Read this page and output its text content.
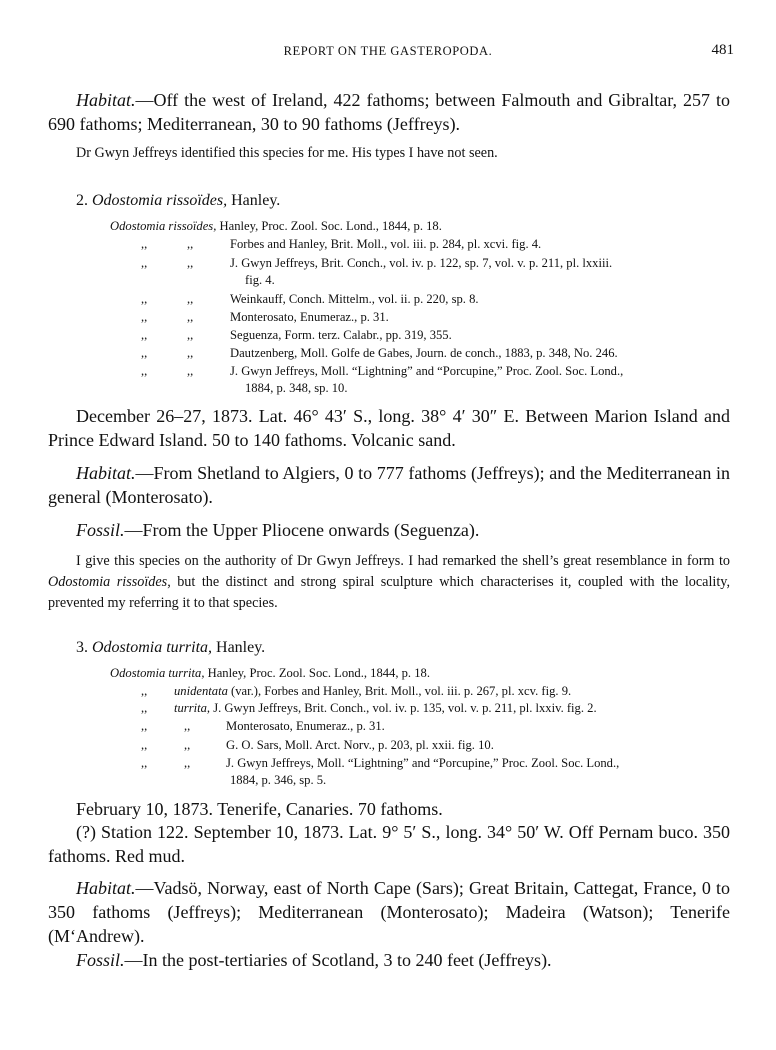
REPORT ON THE GASTEROPODA.	481
Habitat.—Off the west of Ireland, 422 fathoms; between Falmouth and Gibraltar, 257 to 690 fathoms; Mediterranean, 30 to 90 fathoms (Jeffreys).
Dr Gwyn Jeffreys identified this species for me. His types I have not seen.
2. Odostomia rissoïdes, Hanley.
Odostomia rissoïdes, Hanley, Proc. Zool. Soc. Lond., 1844, p. 18.
,,	,,	Forbes and Hanley, Brit. Moll., vol. iii. p. 284, pl. xcvi. fig. 4.
,,	,,	J. Gwyn Jeffreys, Brit. Conch., vol. iv. p. 122, sp. 7, vol. v. p. 211, pl. lxxiii.
fig. 4.
,,	,,	Weinkauff, Conch. Mittelm., vol. ii. p. 220, sp. 8.
,,	,,	Monterosato, Enumeraz., p. 31.
,,	,,	Seguenza, Form. terz. Calabr., pp. 319, 355.
,,	,,	Dautzenberg, Moll. Golfe de Gabes, Journ. de conch., 1883, p. 348, No. 246.
,,	,,	J. Gwyn Jeffreys, Moll. “Lightning” and “Porcupine,” Proc. Zool. Soc. Lond.,
1884, p. 348, sp. 10.
December 26–27, 1873. Lat. 46° 43′ S., long. 38° 4′ 30″ E. Between Marion Island and Prince Edward Island. 50 to 140 fathoms. Volcanic sand.
Habitat.—From Shetland to Algiers, 0 to 777 fathoms (Jeffreys); and the Mediterranean in general (Monterosato).
Fossil.—From the Upper Pliocene onwards (Seguenza).
I give this species on the authority of Dr Gwyn Jeffreys. I had remarked the shell’s great resemblance in form to Odostomia rissoïdes, but the distinct and strong spiral sculpture which characterises it, coupled with the locality, prevented my referring it to that species.
3. Odostomia turrita, Hanley.
Odostomia turrita, Hanley, Proc. Zool. Soc. Lond., 1844, p. 18.
,, unidentata (var.), Forbes and Hanley, Brit. Moll., vol. iii. p. 267, pl. xcv. fig. 9.
,, turrita, J. Gwyn Jeffreys, Brit. Conch., vol. iv. p. 135, vol. v. p. 211, pl. lxxiv. fig. 2.
,,	,,	Monterosato, Enumeraz., p. 31.
,,	,,	G. O. Sars, Moll. Arct. Norv., p. 203, pl. xxii. fig. 10.
,,	,,	J. Gwyn Jeffreys, Moll. “Lightning” and “Porcupine,” Proc. Zool. Soc. Lond.,
1884, p. 346, sp. 5.
February 10, 1873. Tenerife, Canaries. 70 fathoms.
(?) Station 122. September 10, 1873. Lat. 9° 5′ S., long. 34° 50′ W. Off Pernam buco. 350 fathoms. Red mud.
Habitat.—Vadsö, Norway, east of North Cape (Sars); Great Britain, Cattegat, France, 0 to 350 fathoms (Jeffreys); Mediterranean (Monterosato); Madeira (Watson); Tenerife (M‘Andrew).
Fossil.—In the post-tertiaries of Scotland, 3 to 240 feet (Jeffreys).
